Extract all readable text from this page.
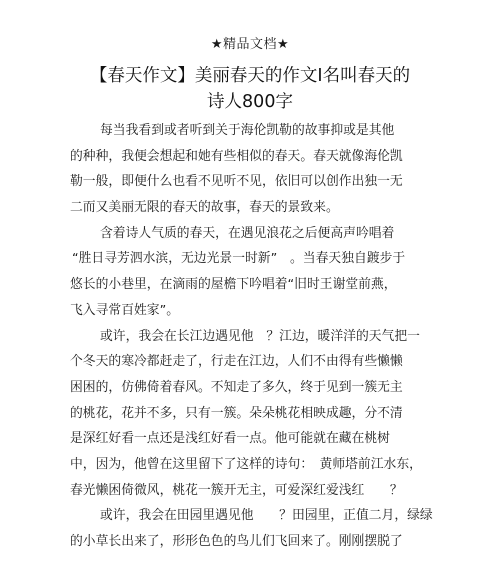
★精品文档★
【春天作文】美丽春天的作文I名叫春天的
诗人800字
每当我看到或者听到关于海伦凯勒的故事抑或是其他
的种种，我便会想起和她有些相似的春天。春天就像海伦凯
勒一般，即便什么也看不见听不见，依旧可以创作出独一无
二而又美丽无限的春天的故事，春天的景致来。
含着诗人气质的春天，在遇见浪花之后便高声吟唱着
“胜日寻芳泗水滨，无边光景一时新”　。当春天独自踱步于
悠长的小巷里，在滴雨的屋檐下吟唱着“旧时王谢堂前燕，
飞入寻常百姓家”。
或许，我会在长江边遇见他　？江边，暖洋洋的天气把一
个冬天的寒冷都赶走了，行走在江边，人们不由得有些懒懒
困困的，仿佛倚着春风。不知走了多久，终于见到一簇无主
的桃花，花并不多，只有一簇。朵朵桃花相映成趣，分不清
是深红好看一点还是浅红好看一点。他可能就在藏在桃树
中，因为，他曾在这里留下了这样的诗句：　黄师塔前江水东，
春光懒困倚微风，桃花一簇开无主，可爱深红爱浅红　　？
或许，我会在田园里遇见他　　？田园里，正值二月，绿绿
的小草长出来了，形形色色的鸟儿们飞回来了。刚刚摆脱了
